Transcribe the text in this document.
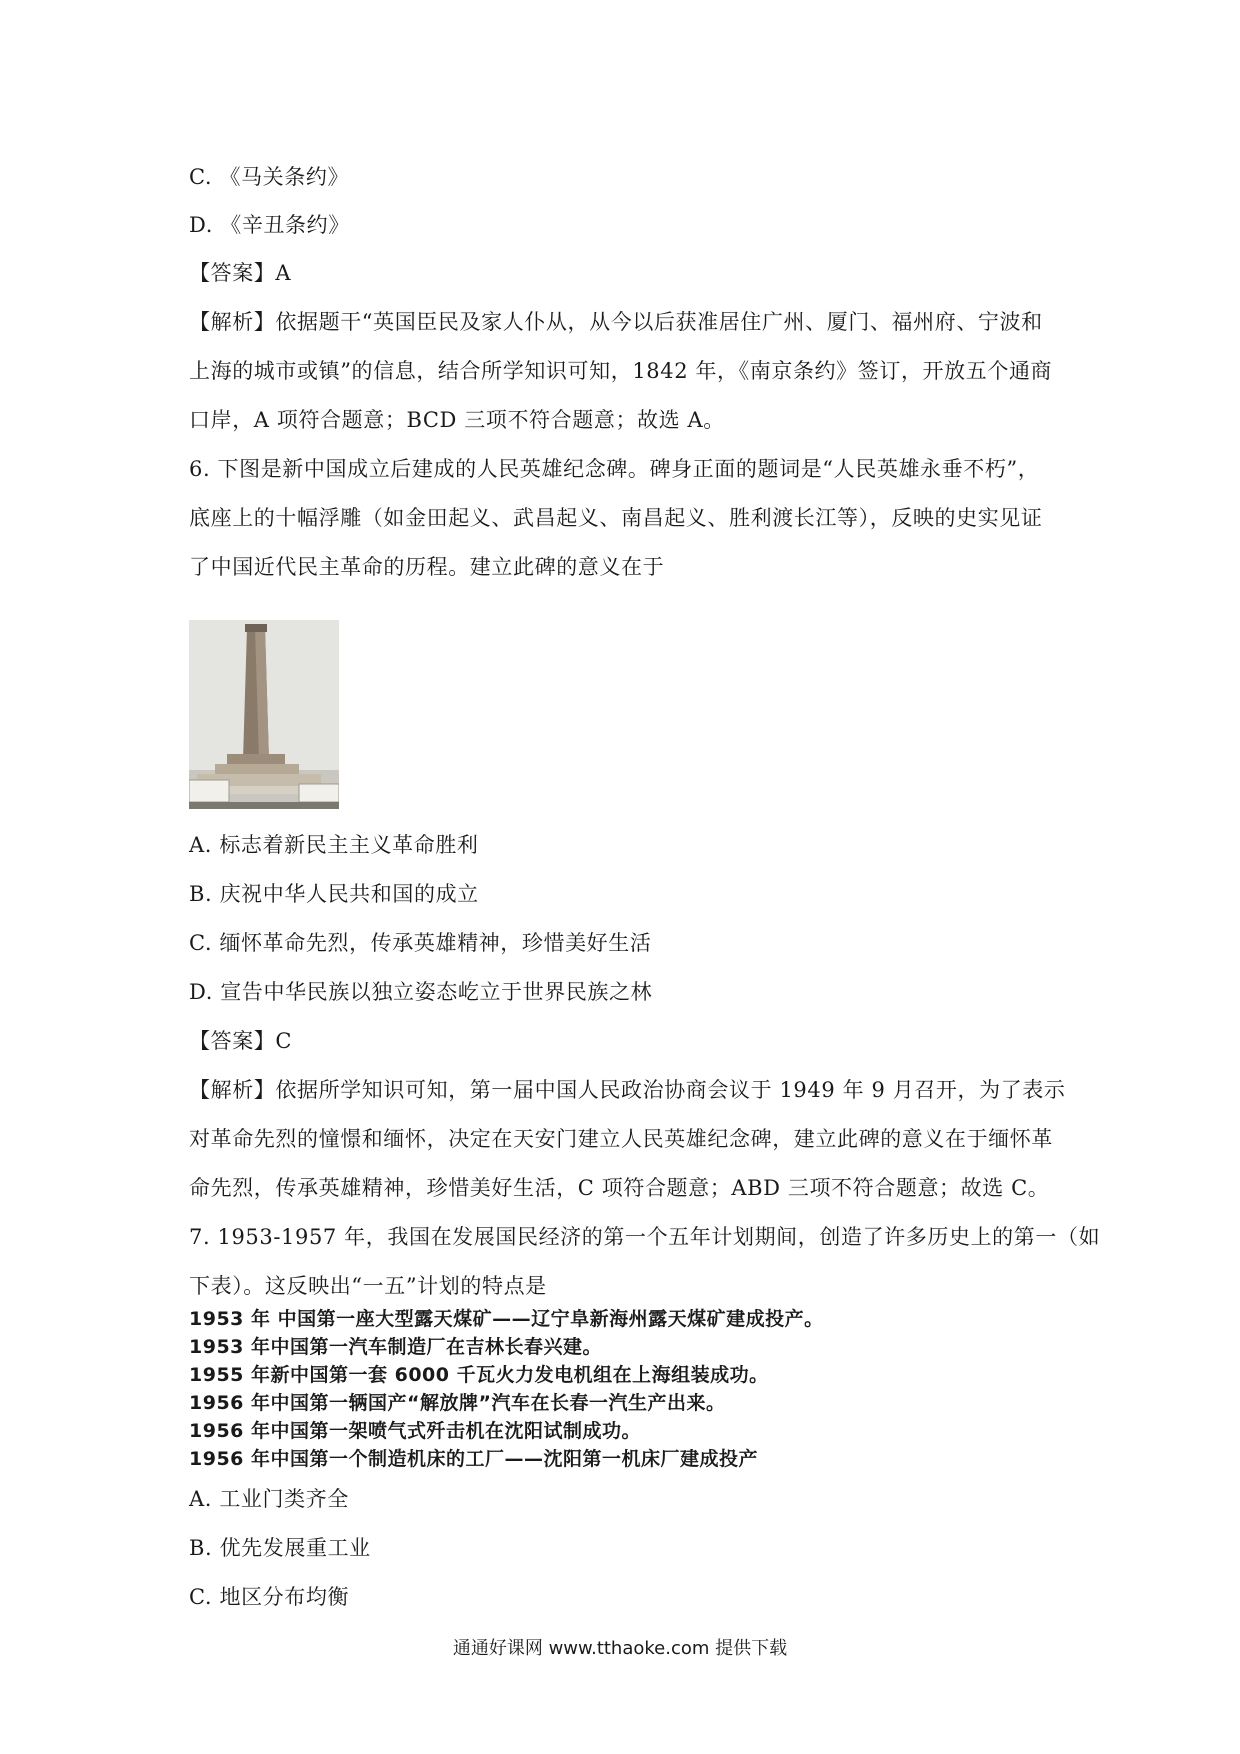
C. 《马关条约》
D. 《辛丑条约》
【答案】A
【解析】依据题干“英国臣民及家人仆从，从今以后获准居住广州、厦门、福州府、宁波和
上海的城市或镇”的信息，结合所学知识可知，1842 年，《南京条约》签订，开放五个通商
口岸，A 项符合题意；BCD 三项不符合题意；故选 A。
6. 下图是新中国成立后建成的人民英雄纪念碑。碑身正面的题词是“人民英雄永垂不朽”，
底座上的十幅浮雕（如金田起义、武昌起义、南昌起义、胜利渡长江等），反映的史实见证
了中国近代民主革命的历程。建立此碑的意义在于
A. 标志着新民主主义革命胜利
B. 庆祝中华人民共和国的成立
C. 缅怀革命先烈，传承英雄精神，珍惜美好生活
D. 宣告中华民族以独立姿态屹立于世界民族之林
【答案】C
【解析】依据所学知识可知，第一届中国人民政治协商会议于 1949 年 9 月召开，为了表示
对革命先烈的憧憬和缅怀，决定在天安门建立人民英雄纪念碑，建立此碑的意义在于缅怀革
命先烈，传承英雄精神，珍惜美好生活，C 项符合题意；ABD 三项不符合题意；故选 C。
7. 1953-1957 年，我国在发展国民经济的第一个五年计划期间，创造了许多历史上的第一（如
下表）。这反映出“一五”计划的特点是
1953 年 中国第一座大型露天煤矿——辽宁阜新海州露天煤矿建成投产。
1953 年中国第一汽车制造厂在吉林长春兴建。
1955 年新中国第一套 6000 千瓦火力发电机组在上海组装成功。
1956 年中国第一辆国产“解放牌”汽车在长春一汽生产出来。
1956 年中国第一架喷气式歼击机在沈阳试制成功。
1956 年中国第一个制造机床的工厂——沈阳第一机床厂建成投产
A. 工业门类齐全
B. 优先发展重工业
C. 地区分布均衡
通通好课网 www.tthaoke.com 提供下载
